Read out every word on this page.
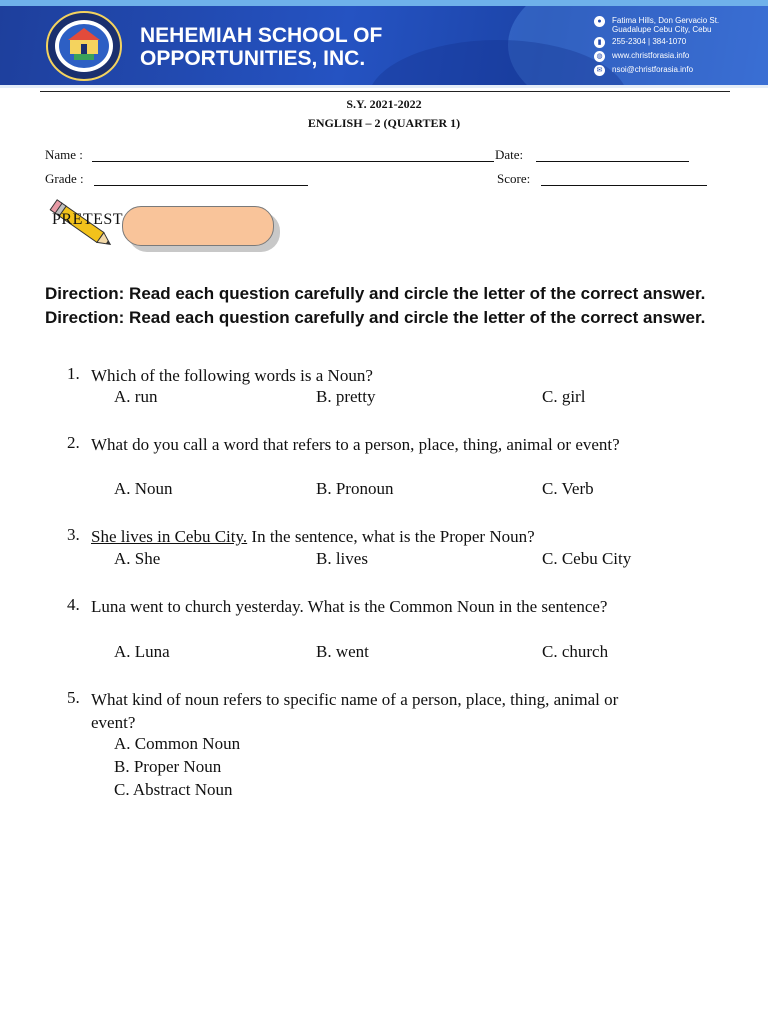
NEHEMIAH SCHOOL OF
OPPORTUNITIES, INC.
●	Fatima Hills, Don Gervacio St.
Guadalupe Cebu City, Cebu
▮	255-2304 | 384-1070
◍	www.christforasia.info
✉	nsoi@christforasia.info
S.Y. 2021-2022
ENGLISH – 2 (QUARTER 1)
Name :	Date:
Grade :	Score:
PRETEST
Direction: Read each question carefully and circle the letter of the correct answer. Direction: Read each question carefully and circle the letter of the correct answer.
1. Which of the following words is a Noun?
A. run	B. pretty	C. girl
2. What do you call a word that refers to a person, place, thing, animal or event?
A. Noun	B. Pronoun	C. Verb
3. She lives in Cebu City. In the sentence, what is the Proper Noun?
A. She	B. lives	C. Cebu City
4. Luna went to church yesterday. What is the Common Noun in the sentence?
A. Luna	B. went	C. church
5. What kind of noun refers to specific name of a person, place, thing, animal or event?
A. Common Noun
B. Proper Noun
C. Abstract Noun
